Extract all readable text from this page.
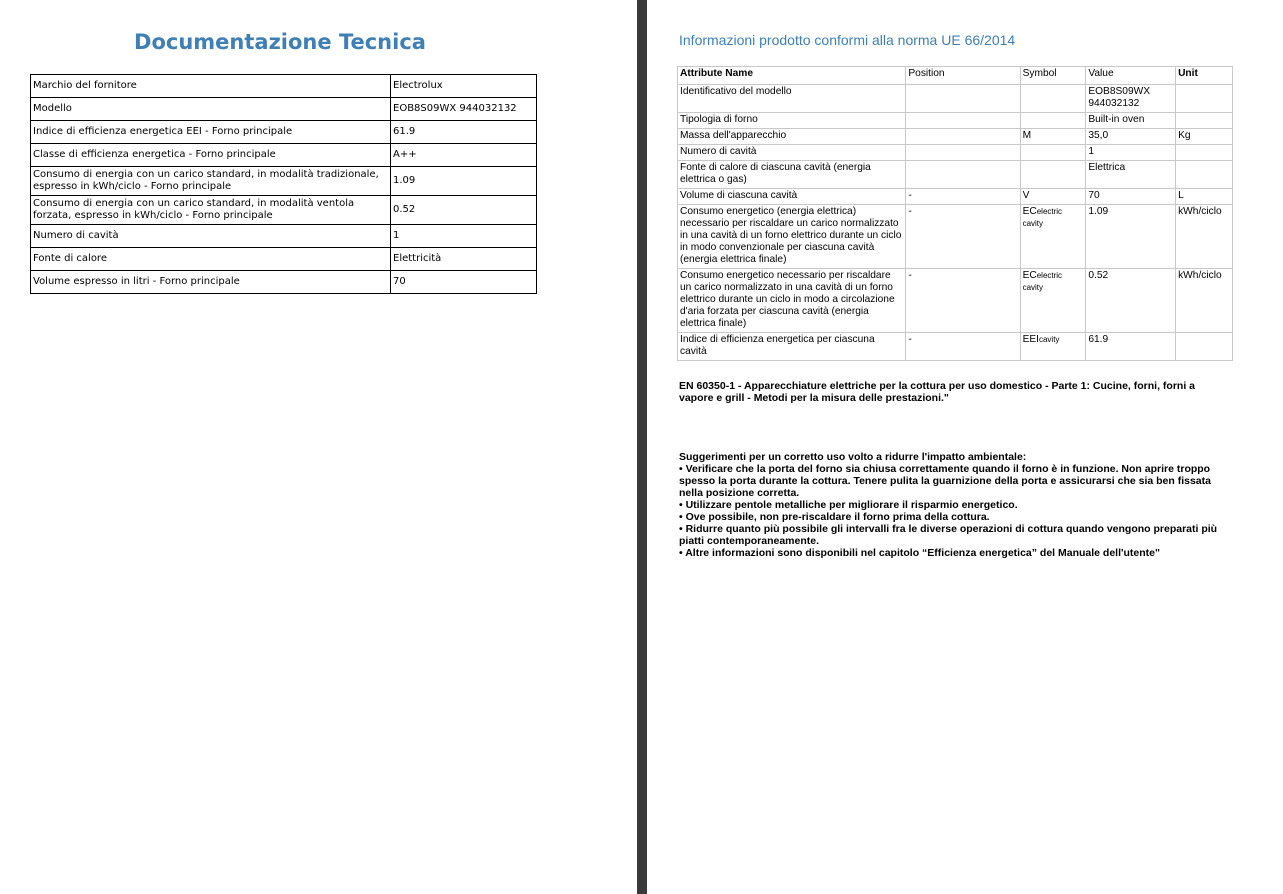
Documentazione Tecnica
Marchio del fornitore	Electrolux
Modello	EOB8S09WX 944032132
Indice di efficienza energetica EEI - Forno principale	61.9
Classe di efficienza energetica - Forno principale	A++
Consumo di energia con un carico standard, in modalità tradizionale, espresso in kWh/ciclo - Forno principale	1.09
Consumo di energia con un carico standard, in modalità ventola forzata, espresso in kWh/ciclo - Forno principale	0.52
Numero di cavità	1
Fonte di calore	Elettricità
Volume espresso in litri - Forno principale	70
Informazioni prodotto conformi alla norma UE 66/2014
Attribute Name	Position	Symbol	Value	Unit
Identificativo del modello			EOB8S09WX 944032132	
Tipologia di forno			Built-in oven	
Massa dell'apparecchio		M	35,0	Kg
Numero di cavità			1	
Fonte di calore di ciascuna cavità (energia elettrica o gas)			Elettrica	
Volume di ciascuna cavità	-	V	70	L
Consumo energetico (energia elettrica) necessario per riscaldare un carico normalizzato in una cavità di un forno elettrico durante un ciclo in modo convenzionale per ciascuna cavità (energia elettrica finale)	-	ECelectric cavity	1.09	kWh/ciclo
Consumo energetico necessario per riscaldare un carico normalizzato in una cavità di un forno elettrico durante un ciclo in modo a circolazione d'aria forzata per ciascuna cavità (energia elettrica finale)	-	ECelectric cavity	0.52	kWh/ciclo
Indice di efficienza energetica per ciascuna cavità	-	EEIcavity	61.9	
EN 60350-1 - Apparecchiature elettriche per la cottura per uso domestico - Parte 1: Cucine, forni, forni a vapore e grill - Metodi per la misura delle prestazioni."

Suggerimenti per un corretto uso volto a ridurre l'impatto ambientale:

• Verificare che la porta del forno sia chiusa correttamente quando il forno è in funzione. Non aprire troppo spesso la porta durante la cottura. Tenere pulita la guarnizione della porta e assicurarsi che sia ben fissata nella posizione corretta.

• Utilizzare pentole metalliche per migliorare il risparmio energetico.

• Ove possibile, non pre-riscaldare il forno prima della cottura.

• Ridurre quanto più possibile gli intervalli fra le diverse operazioni di cottura quando vengono preparati più piatti contemporaneamente.

• Altre informazioni sono disponibili nel capitolo “Efficienza energetica” del Manuale dell'utente"
